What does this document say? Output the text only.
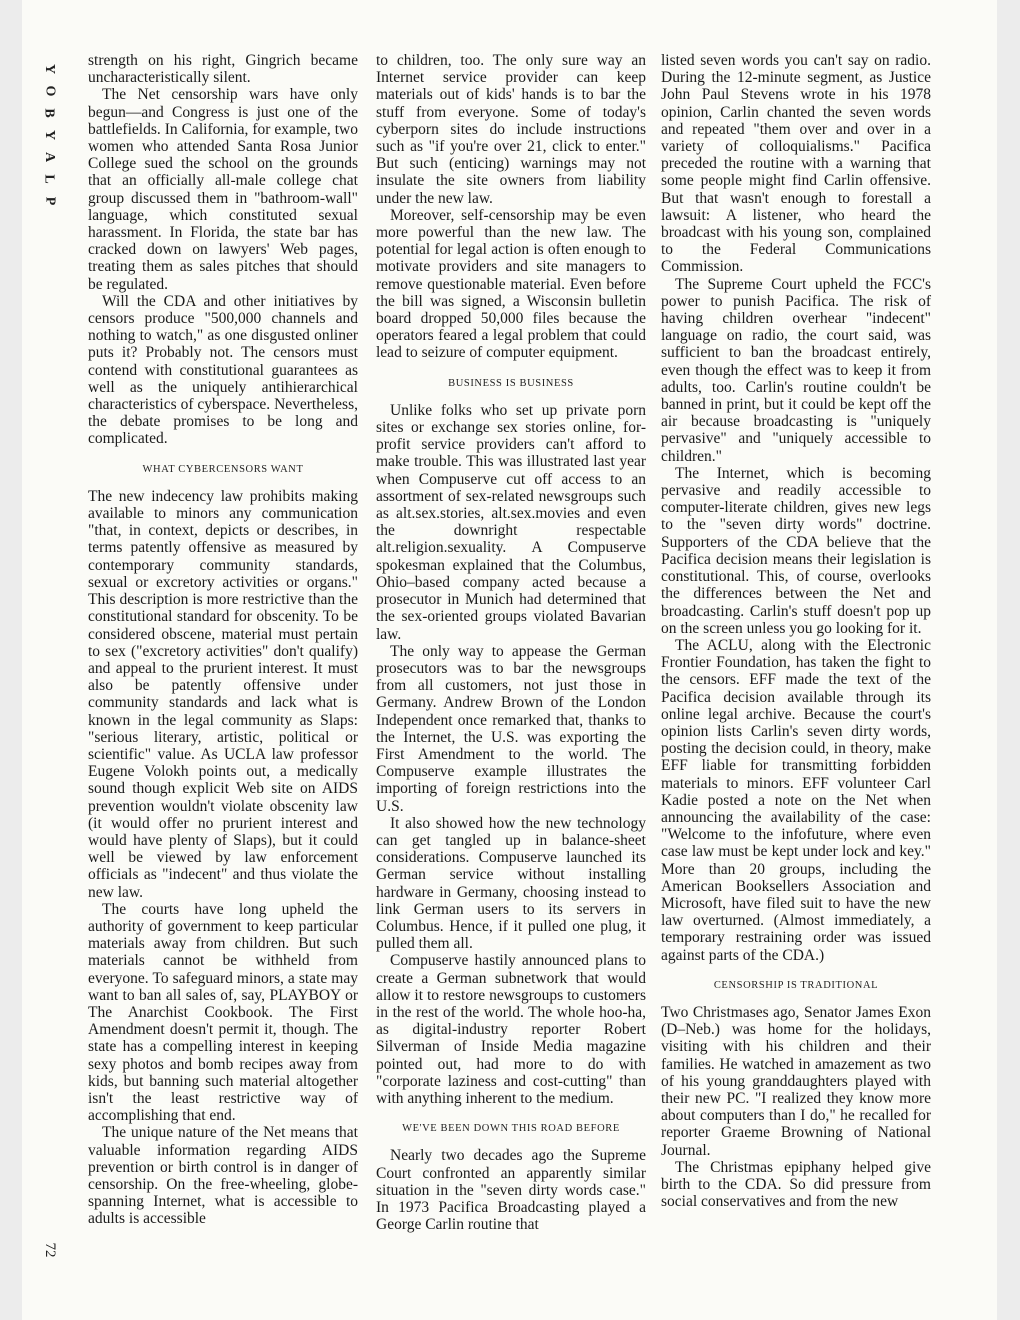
Y
O
B
Y
A
L
P
72

strength on his right, Gingrich became uncharacteristically silent.

The Net censorship wars have only begun—and Congress is just one of the battlefields. In California, for example, two women who attended Santa Rosa Junior College sued the school on the grounds that an officially all-male college chat group discussed them in "bathroom-wall" language, which constituted sexual harassment. In Florida, the state bar has cracked down on lawyers' Web pages, treating them as sales pitches that should be regulated.

Will the CDA and other initiatives by censors produce "500,000 channels and nothing to watch," as one disgusted onliner puts it? Probably not. The censors must contend with constitutional guarantees as well as the uniquely antihierarchical characteristics of cyberspace. Nevertheless, the debate promises to be long and complicated.

WHAT CYBERCENSORS WANT

The new indecency law prohibits making available to minors any communication "that, in context, depicts or describes, in terms patently offensive as measured by contemporary community standards, sexual or excretory activities or organs." This description is more restrictive than the constitutional standard for obscenity. To be considered obscene, material must pertain to sex ("excretory activities" don't qualify) and appeal to the prurient interest. It must also be patently offensive under community standards and lack what is known in the legal community as Slaps: "serious literary, artistic, political or scientific" value. As UCLA law professor Eugene Volokh points out, a medically sound though explicit Web site on AIDS prevention wouldn't violate obscenity law (it would offer no prurient interest and would have plenty of Slaps), but it could well be viewed by law enforcement officials as "indecent" and thus violate the new law.

The courts have long upheld the authority of government to keep particular materials away from children. But such materials cannot be withheld from everyone. To safeguard minors, a state may want to ban all sales of, say, PLAYBOY or The Anarchist Cookbook. The First Amendment doesn't permit it, though. The state has a compelling interest in keeping sexy photos and bomb recipes away from kids, but banning such material altogether isn't the least restrictive way of accomplishing that end.

The unique nature of the Net means that valuable information regarding AIDS prevention or birth control is in danger of censorship. On the free-wheeling, globe-spanning Internet, what is accessible to adults is accessible

to children, too. The only sure way an Internet service provider can keep materials out of kids' hands is to bar the stuff from everyone. Some of today's cyberporn sites do include instructions such as "if you're over 21, click to enter." But such (enticing) warnings may not insulate the site owners from liability under the new law.

Moreover, self-censorship may be even more powerful than the new law. The potential for legal action is often enough to motivate providers and site managers to remove questionable material. Even before the bill was signed, a Wisconsin bulletin board dropped 50,000 files because the operators feared a legal problem that could lead to seizure of computer equipment.

BUSINESS IS BUSINESS

Unlike folks who set up private porn sites or exchange sex stories online, for-profit service providers can't afford to make trouble. This was illustrated last year when Compuserve cut off access to an assortment of sex-related newsgroups such as alt.sex.stories, alt.sex.movies and even the downright respectable alt.religion.sexuality. A Compuserve spokesman explained that the Columbus, Ohio–based company acted because a prosecutor in Munich had determined that the sex-oriented groups violated Bavarian law.

The only way to appease the German prosecutors was to bar the newsgroups from all customers, not just those in Germany. Andrew Brown of the London Independent once remarked that, thanks to the Internet, the U.S. was exporting the First Amendment to the world. The Compuserve example illustrates the importing of foreign restrictions into the U.S.

It also showed how the new technology can get tangled up in balance-sheet considerations. Compuserve launched its German service without installing hardware in Germany, choosing instead to link German users to its servers in Columbus. Hence, if it pulled one plug, it pulled them all.

Compuserve hastily announced plans to create a German subnetwork that would allow it to restore newsgroups to customers in the rest of the world. The whole hoo-ha, as digital-industry reporter Robert Silverman of Inside Media magazine pointed out, had more to do with "corporate laziness and cost-cutting" than with anything inherent to the medium.

WE'VE BEEN DOWN THIS ROAD BEFORE

Nearly two decades ago the Supreme Court confronted an apparently similar situation in the "seven dirty words case." In 1973 Pacifica Broadcasting played a George Carlin routine that

listed seven words you can't say on radio. During the 12-minute segment, as Justice John Paul Stevens wrote in his 1978 opinion, Carlin chanted the seven words and repeated "them over and over in a variety of colloquialisms." Pacifica preceded the routine with a warning that some people might find Carlin offensive. But that wasn't enough to forestall a lawsuit: A listener, who heard the broadcast with his young son, complained to the Federal Communications Commission.

The Supreme Court upheld the FCC's power to punish Pacifica. The risk of having children overhear "indecent" language on radio, the court said, was sufficient to ban the broadcast entirely, even though the effect was to keep it from adults, too. Carlin's routine couldn't be banned in print, but it could be kept off the air because broadcasting is "uniquely pervasive" and "uniquely accessible to children."

The Internet, which is becoming pervasive and readily accessible to computer-literate children, gives new legs to the "seven dirty words" doctrine. Supporters of the CDA believe that the Pacifica decision means their legislation is constitutional. This, of course, overlooks the differences between the Net and broadcasting. Carlin's stuff doesn't pop up on the screen unless you go looking for it.

The ACLU, along with the Electronic Frontier Foundation, has taken the fight to the censors. EFF made the text of the Pacifica decision available through its online legal archive. Because the court's opinion lists Carlin's seven dirty words, posting the decision could, in theory, make EFF liable for transmitting forbidden materials to minors. EFF volunteer Carl Kadie posted a note on the Net when announcing the availability of the case: "Welcome to the infofuture, where even case law must be kept under lock and key." More than 20 groups, including the American Booksellers Association and Microsoft, have filed suit to have the new law overturned. (Almost immediately, a temporary restraining order was issued against parts of the CDA.)

CENSORSHIP IS TRADITIONAL

Two Christmases ago, Senator James Exon (D–Neb.) was home for the holidays, visiting with his children and their families. He watched in amazement as two of his young granddaughters played with their new PC. "I realized they know more about computers than I do," he recalled for reporter Graeme Browning of National Journal.

The Christmas epiphany helped give birth to the CDA. So did pressure from social conservatives and from the new
